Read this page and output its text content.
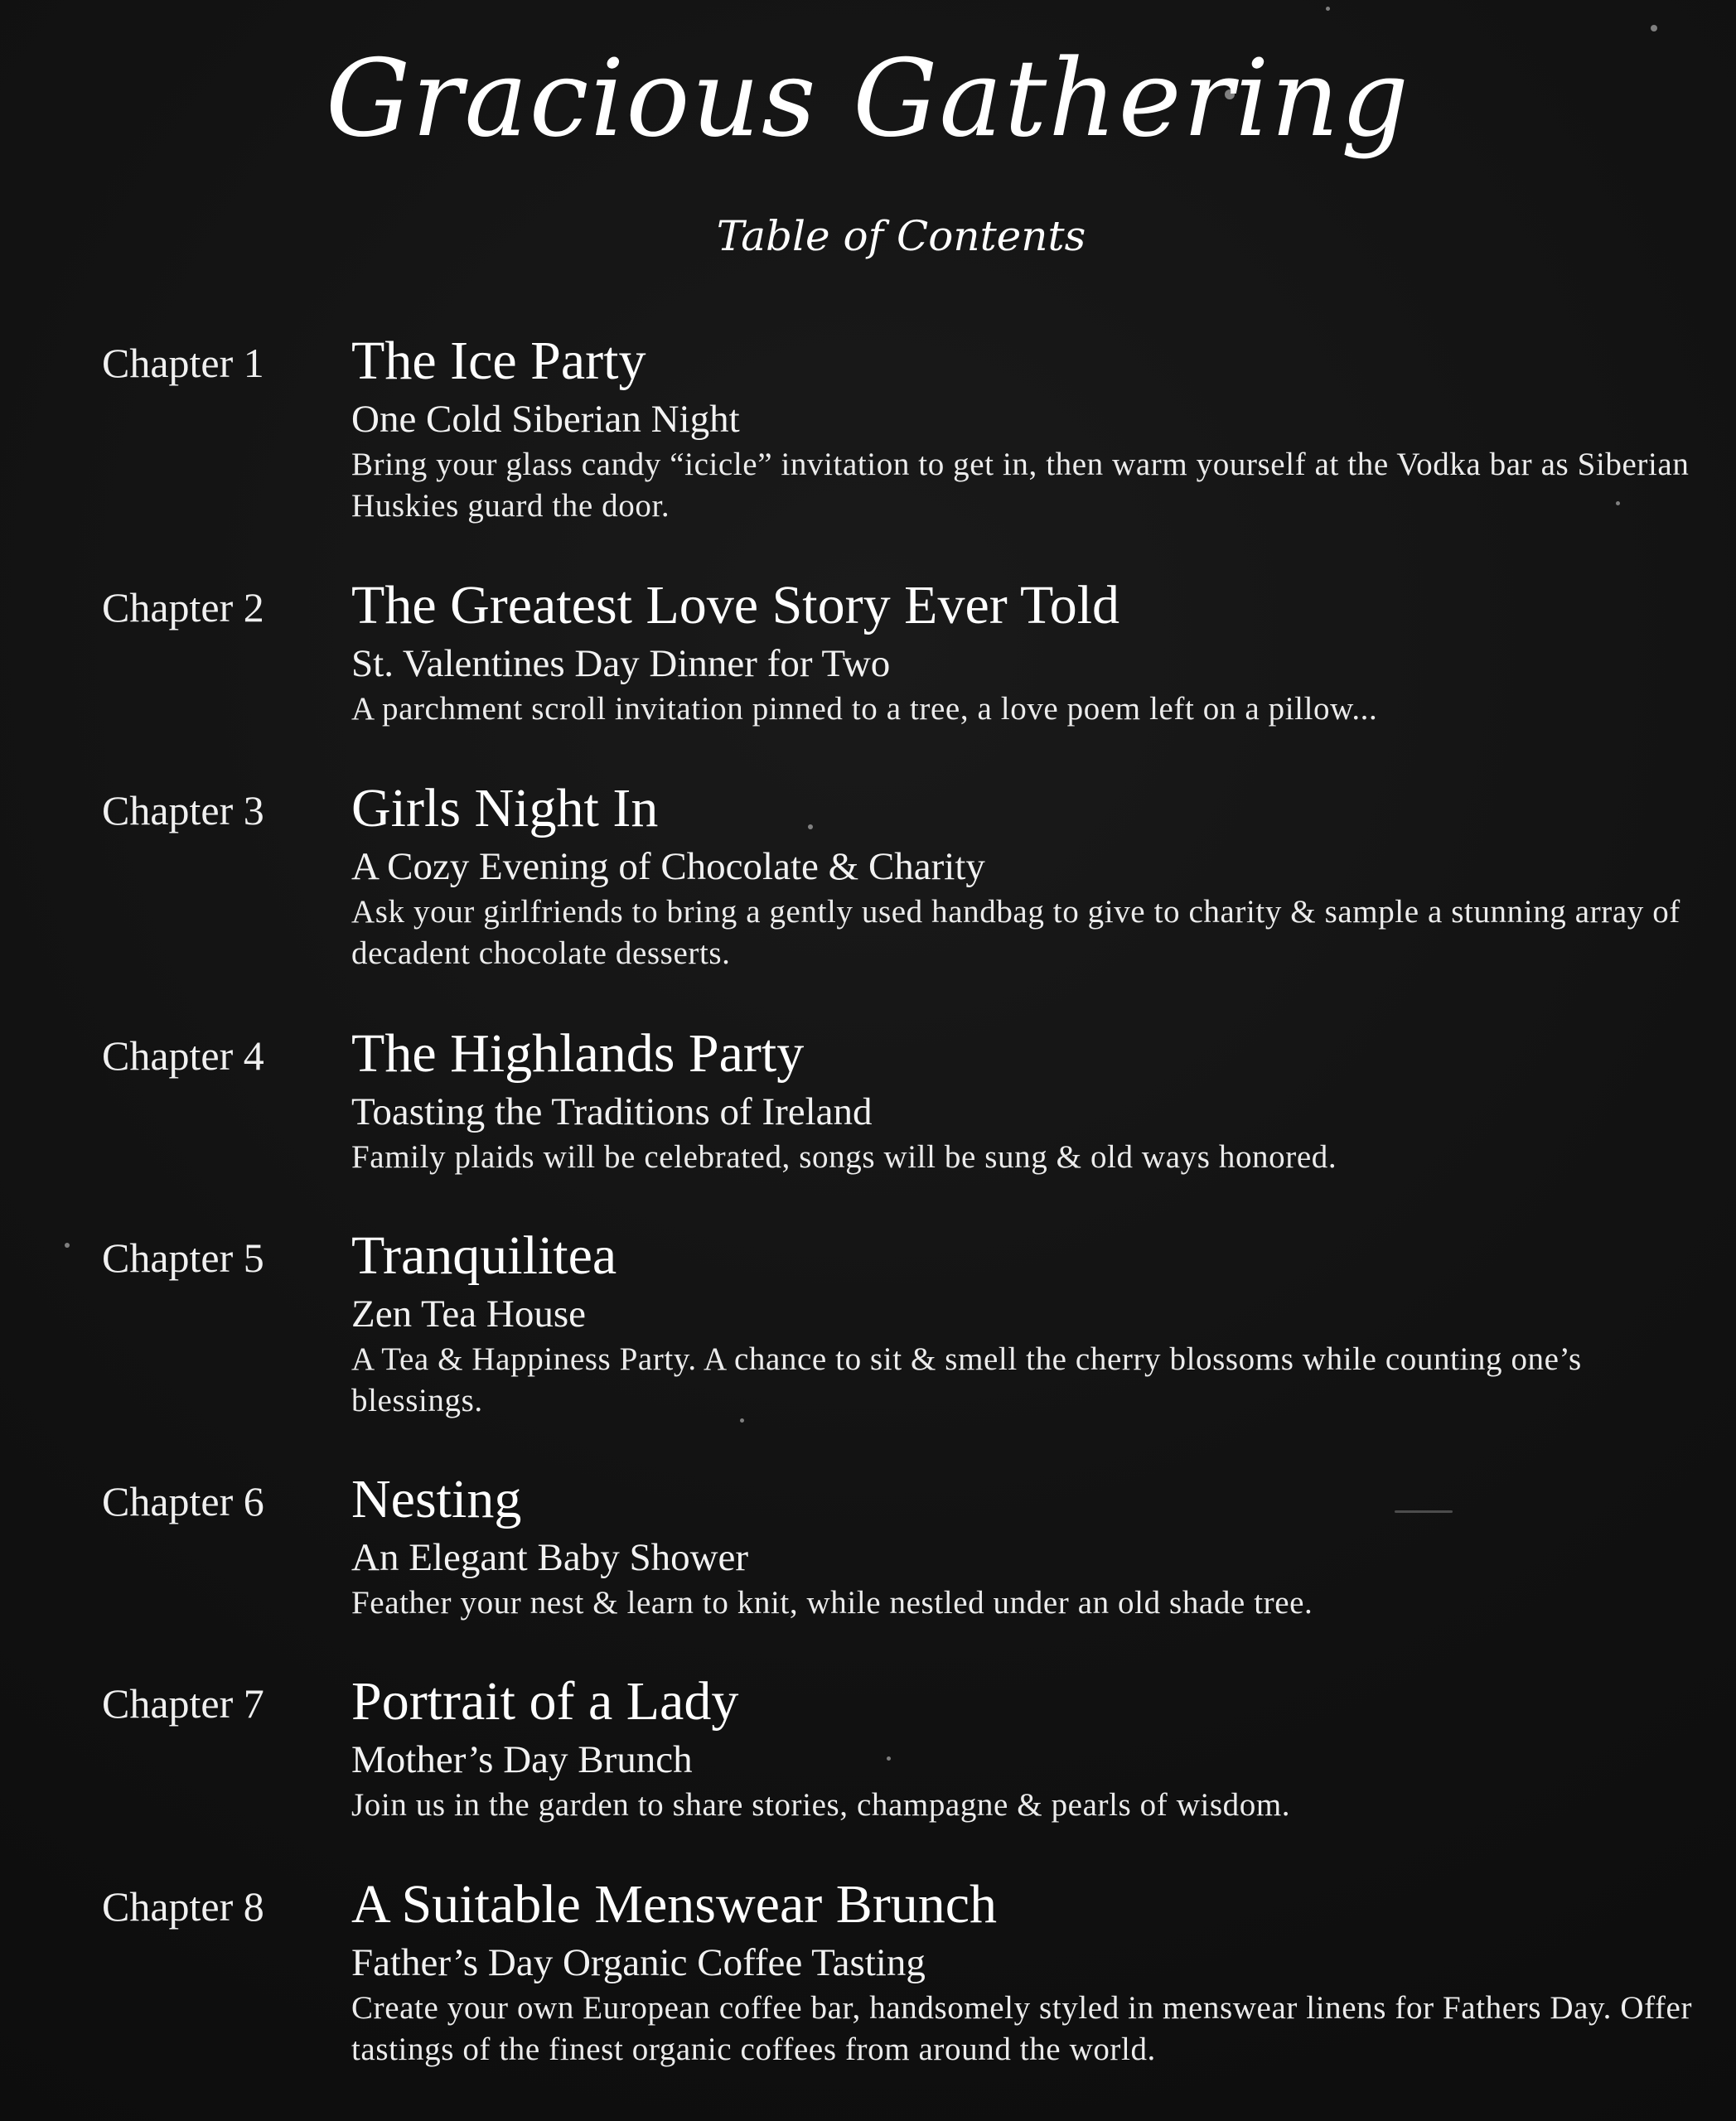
Gracious Gathering
Table of Contents
Chapter 1 The Ice Party
One Cold Siberian Night
Bring your glass candy “icicle” invitation to get in, then warm yourself at the Vodka bar as Siberian Huskies guard the door.
Chapter 2 The Greatest Love Story Ever Told
St. Valentines Day Dinner for Two
A parchment scroll invitation pinned to a tree, a love poem left on a pillow...
Chapter 3 Girls Night In
A Cozy Evening of Chocolate & Charity
Ask your girlfriends to bring a gently used handbag to give to charity & sample a stunning array of decadent chocolate desserts.
Chapter 4 The Highlands Party
Toasting the Traditions of Ireland
Family plaids will be celebrated, songs will be sung & old ways honored.
Chapter 5 Tranquilitea
Zen Tea House
A Tea & Happiness Party. A chance to sit & smell the cherry blossoms while counting one’s blessings.
Chapter 6 Nesting
An Elegant Baby Shower
Feather your nest & learn to knit, while nestled under an old shade tree.
Chapter 7 Portrait of a Lady
Mother’s Day Brunch
Join us in the garden to share stories, champagne & pearls of wisdom.
Chapter 8 A Suitable Menswear Brunch
Father’s Day Organic Coffee Tasting
Create your own European coffee bar, handsomely styled in menswear linens for Fathers Day. Offer tastings of the finest organic coffees from around the world.
